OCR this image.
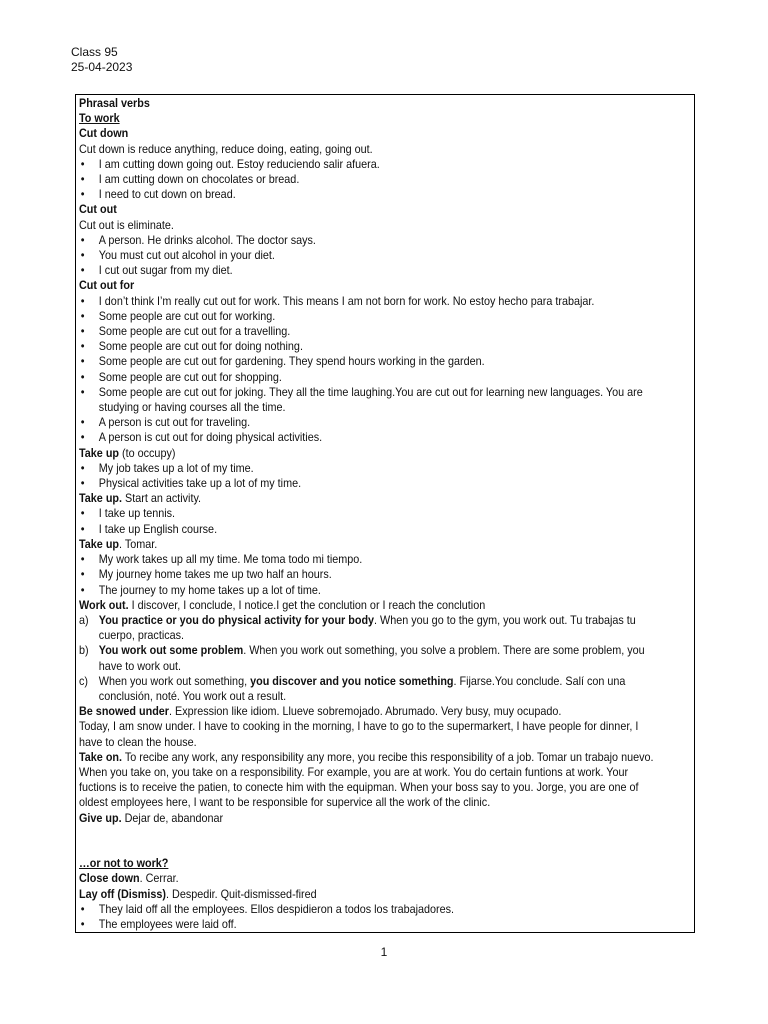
Class 95
25-04-2023
Phrasal verbs
To work
Cut down
Cut down is reduce anything, reduce doing, eating, going out.
• I am cutting down going out. Estoy reduciendo salir afuera.
• I am cutting down on chocolates or bread.
• I need to cut down on bread.
Cut out
Cut out is eliminate.
• A person. He drinks alcohol. The doctor says.
• You must cut out alcohol in your diet.
• I cut out sugar from my diet.
Cut out for
• I don’t think I’m really cut out for work. This means I am not born for work. No estoy hecho para trabajar.
• Some people are cut out for working.
• Some people are cut out for a travelling.
• Some people are cut out for doing nothing.
• Some people are cut out for gardening. They spend hours working in the garden.
• Some people are cut out for shopping.
• Some people are cut out for joking. They all the time laughing.You are cut out for learning new languages. You are
studying or having courses all the time.
• A person is cut out for traveling.
• A person is cut out for doing physical activities.
Take up (to occupy)
• My job takes up a lot of my time.
• Physical activities take up a lot of my time.
Take up. Start an activity.
• I take up tennis.
• I take up English course.
Take up. Tomar.
• My work takes up all my time. Me toma todo mi tiempo.
• My journey home takes me up two half an hours.
• The journey to my home takes up a lot of time.
Work out. I discover, I conclude, I notice.I get the conclution or I reach the conclution
a) You practice or you do physical activity for your body. When you go to the gym, you work out. Tu trabajas tu
cuerpo, practicas.
b) You work out some problem. When you work out something, you solve a problem. There are some problem, you
have to work out.
c) When you work out something, you discover and you notice something. Fijarse.You conclude. Salí con una
conclusión, noté. You work out a result.
Be snowed under. Expression like idiom. Llueve sobremojado. Abrumado. Very busy, muy ocupado.
Today, I am snow under. I have to cooking in the morning, I have to go to the supermarkert, I have people for dinner, I
have to clean the house.
Take on. To recibe any work, any responsibility any more, you recibe this responsibility of a job. Tomar un trabajo nuevo.
When you take on, you take on a responsibility. For example, you are at work. You do certain funtions at work. Your
fuctions is to receive the patien, to conecte him with the equipman. When your boss say to you. Jorge, you are one of
oldest employees here, I want to be responsible for supervice all the work of the clinic.
Give up. Dejar de, abandonar
…or not to work?
Close down. Cerrar.
Lay off (Dismiss). Despedir. Quit-dismissed-fired
• They laid off all the employees. Ellos despidieron a todos los trabajadores.
• The employees were laid off.
1
